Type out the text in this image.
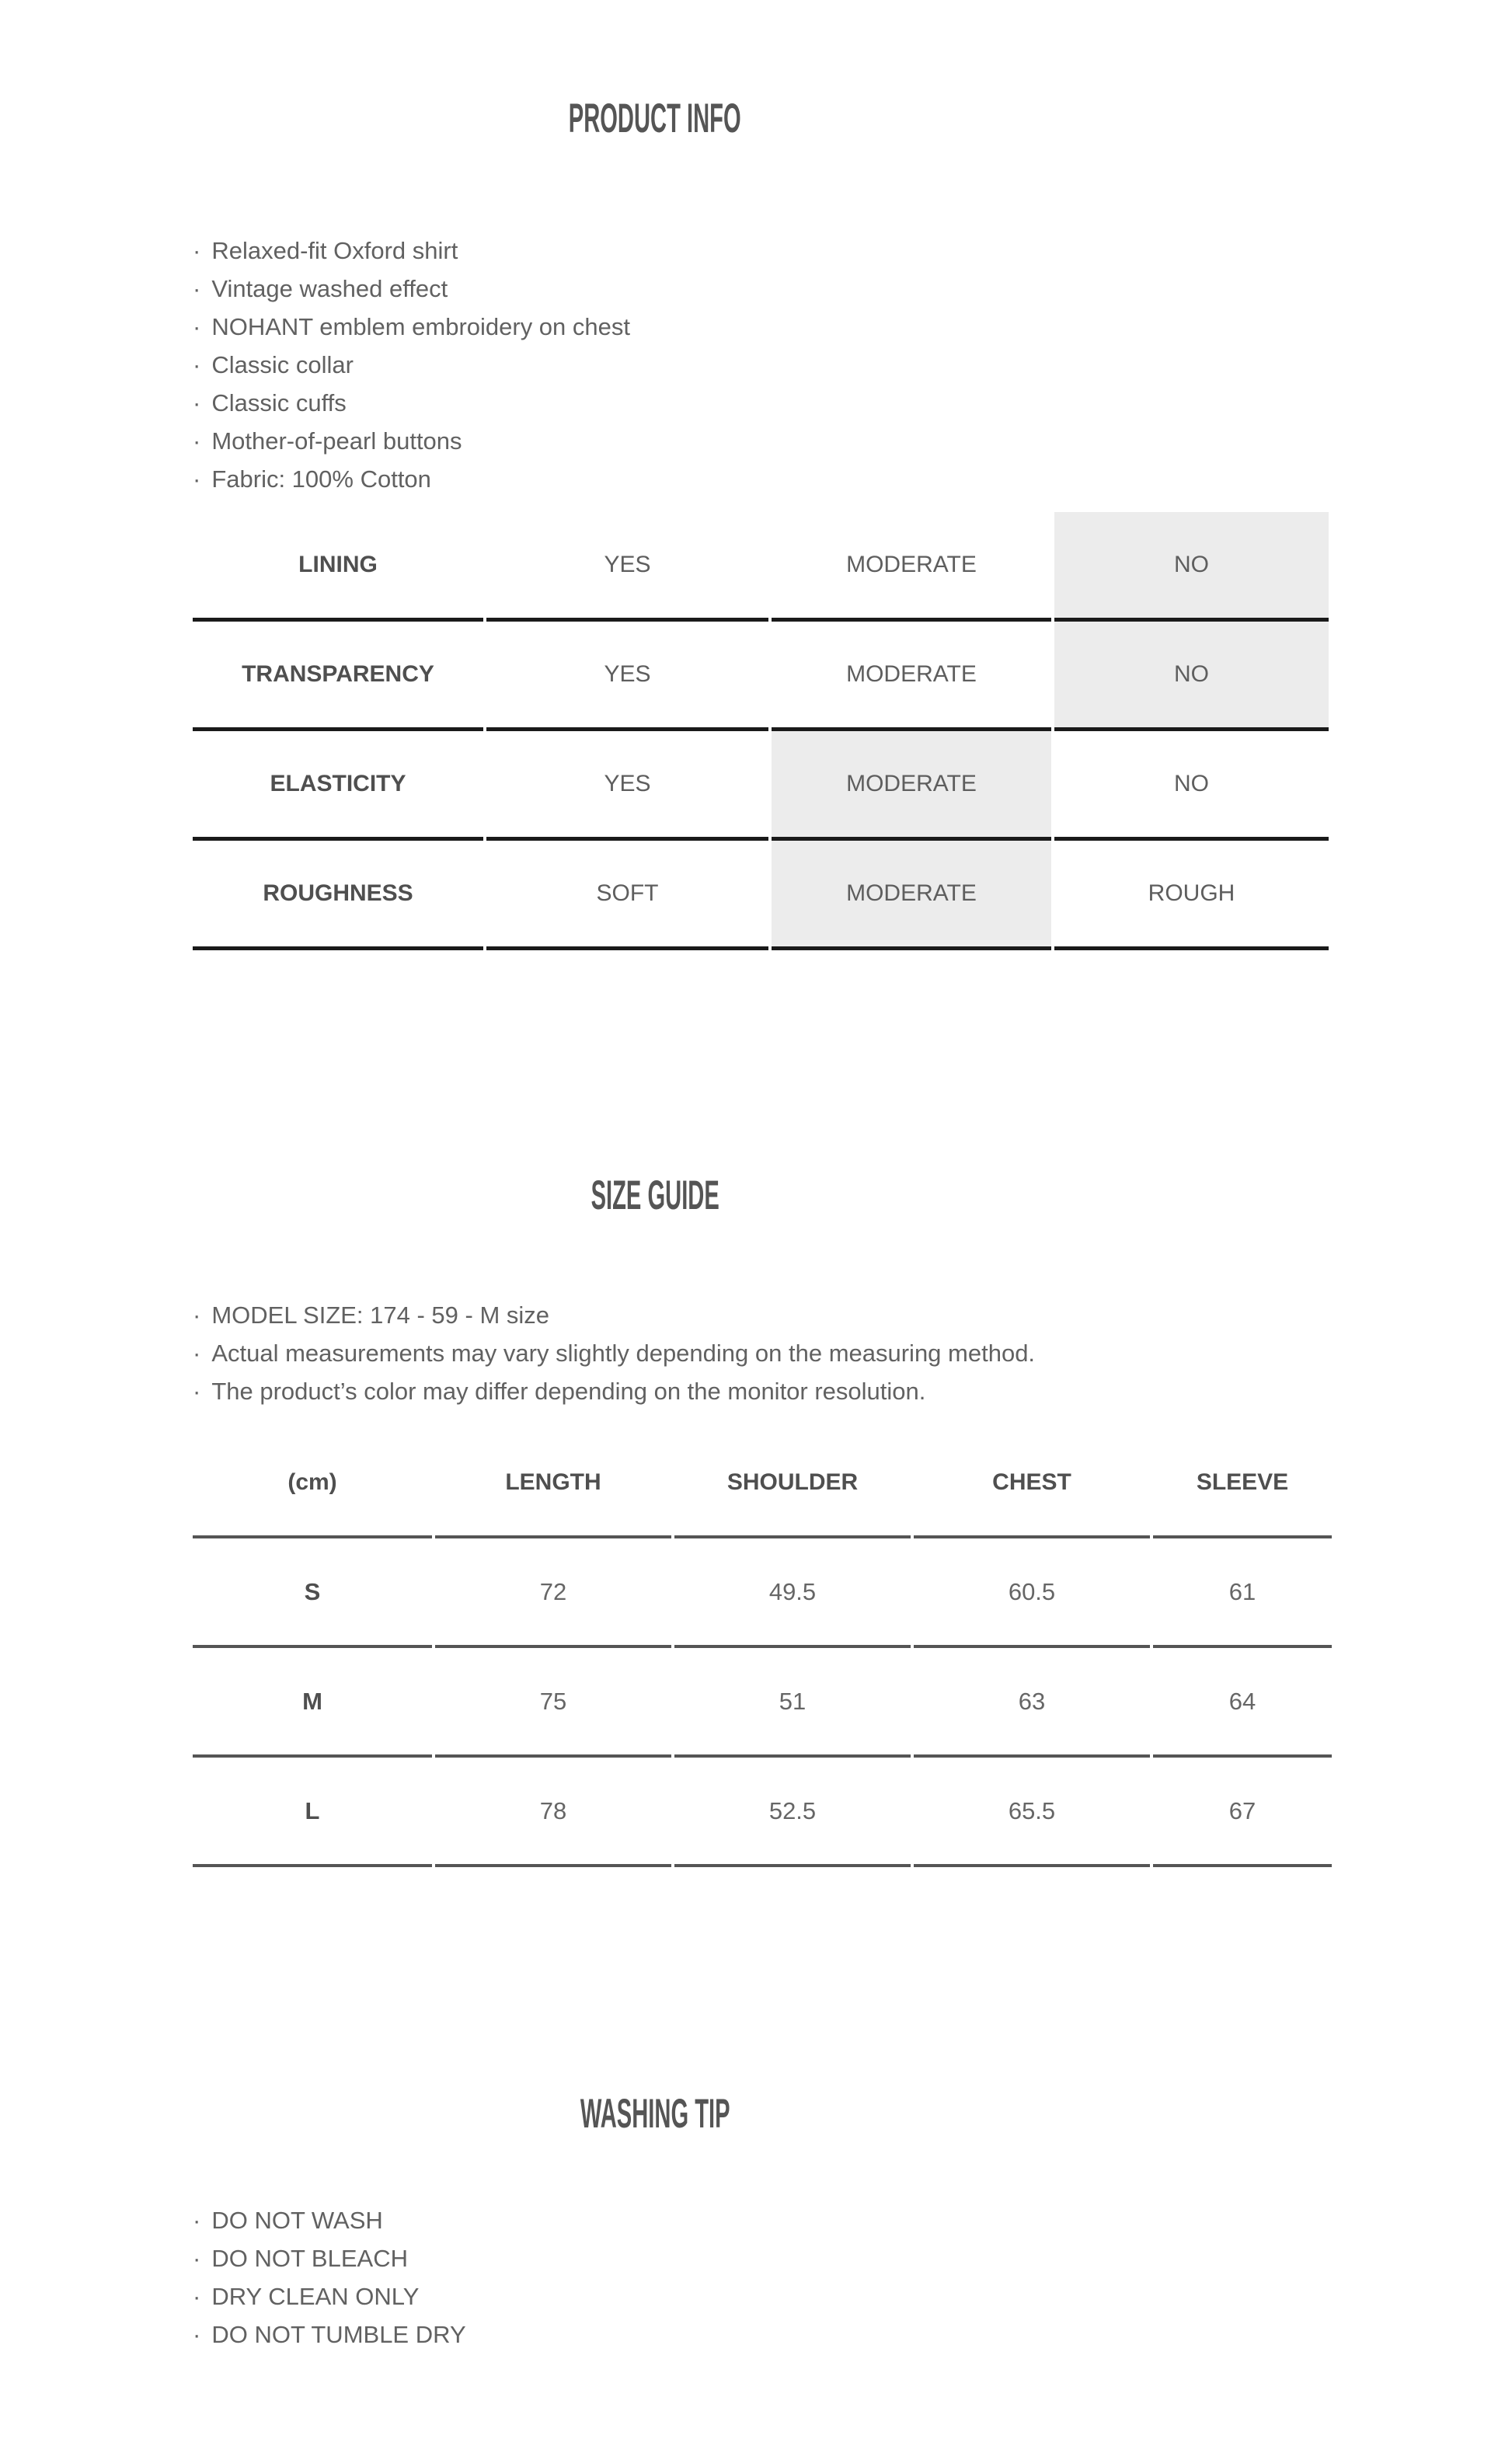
PRODUCT INFO
· Relaxed-fit Oxford shirt
· Vintage washed effect
· NOHANT emblem embroidery on chest
· Classic collar
· Classic cuffs
· Mother-of-pearl buttons
· Fabric: 100% Cotton
LINING	YES	MODERATE	NO
TRANSPARENCY	YES	MODERATE	NO
ELASTICITY	YES	MODERATE	NO
ROUGHNESS	SOFT	MODERATE	ROUGH
SIZE GUIDE
· MODEL SIZE: 174 - 59 - M size
· Actual measurements may vary slightly depending on the measuring method.
· The product’s color may differ depending on the monitor resolution.
(cm)	LENGTH	SHOULDER	CHEST	SLEEVE
S	72	49.5	60.5	61
M	75	51	63	64
L	78	52.5	65.5	67
WASHING TIP
· DO NOT WASH
· DO NOT BLEACH
· DRY CLEAN ONLY
· DO NOT TUMBLE DRY
